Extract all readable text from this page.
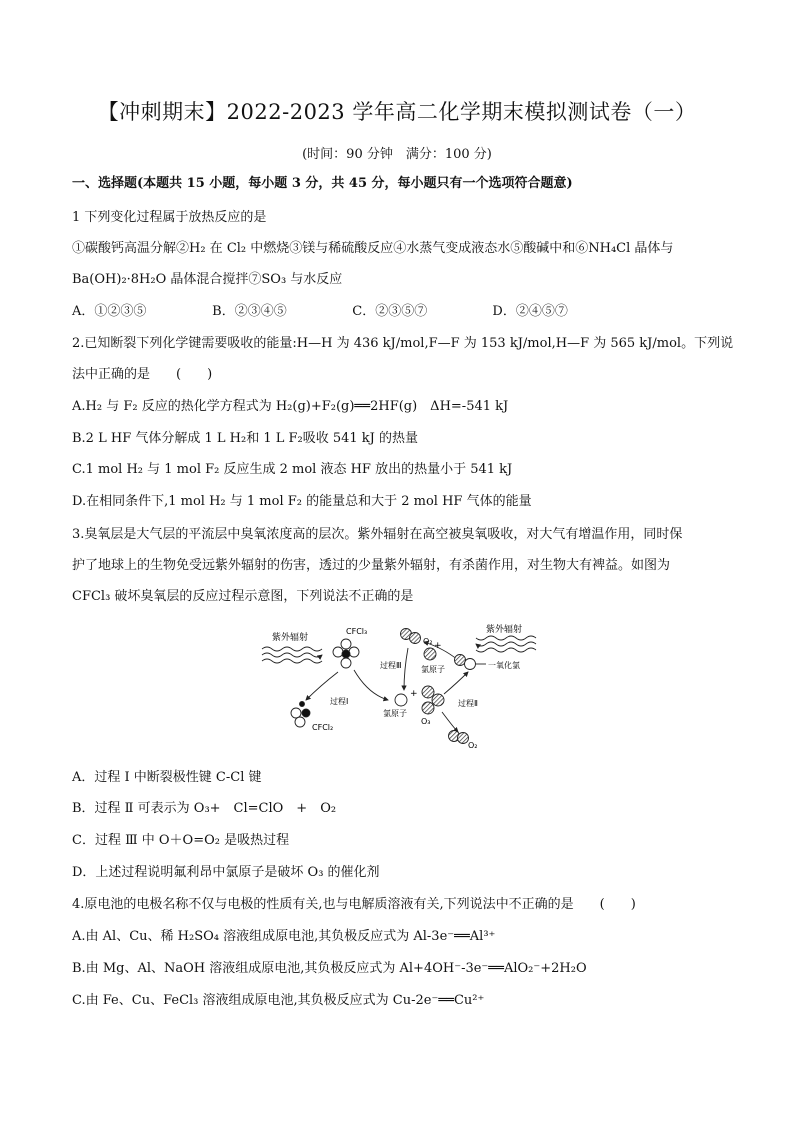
【冲刺期末】2022-2023 学年高二化学期末模拟测试卷（一）
(时间：90 分钟　满分：100 分)
一、选择题(本题共 15 小题，每小题 3 分，共 45 分，每小题只有一个选项符合题意)
1 下列变化过程属于放热反应的是
①碳酸钙高温分解②H₂ 在 Cl₂ 中燃烧③镁与稀硫酸反应④水蒸气变成液态水⑤酸碱中和⑥NH₄Cl 晶体与
Ba(OH)₂·8H₂O 晶体混合搅拌⑦SO₃ 与水反应
A．①②③⑤	B．②③④⑤	C．②③⑤⑦	D．②④⑤⑦
2.已知断裂下列化学键需要吸收的能量:H—H 为 436 kJ/mol,F—F 为 153 kJ/mol,H—F 为 565 kJ/mol。下列说
法中正确的是　　(　　)
A.H₂ 与 F₂ 反应的热化学方程式为 H₂(g)+F₂(g)══2HF(g)　ΔH=-541 kJ
B.2 L HF 气体分解成 1 L H₂和 1 L F₂吸收 541 kJ 的热量
C.1 mol H₂ 与 1 mol F₂ 反应生成 2 mol 液态 HF 放出的热量小于 541 kJ
D.在相同条件下,1 mol H₂ 与 1 mol F₂ 的能量总和大于 2 mol HF 气体的能量
3.臭氧层是大气层的平流层中臭氧浓度高的层次。紫外辐射在高空被臭氧吸收，对大气有增温作用，同时保
护了地球上的生物免受远紫外辐射的伤害，透过的少量紫外辐射，有杀菌作用，对生物大有裨益。如图为
CFCl₃ 破坏臭氧层的反应过程示意图，下列说法不正确的是
紫外辐射
CFCl₃
过程Ⅰ
CFCl₂
氯原子
+
O₃
过程Ⅱ
O₂
O₂
过程Ⅲ
+
氯原子	一氧化氯
紫外辐射
A．过程 Ⅰ 中断裂极性键 C-Cl 键
B．过程 Ⅱ 可表示为 O₃+　Cl=ClO　+　O₂
C．过程 Ⅲ 中 O＋O=O₂ 是吸热过程
D．上述过程说明氟利昂中氯原子是破坏 O₃ 的催化剂
4.原电池的电极名称不仅与电极的性质有关,也与电解质溶液有关,下列说法中不正确的是　　(　　)
A.由 Al、Cu、稀 H₂SO₄ 溶液组成原电池,其负极反应式为 Al-3e⁻══Al³⁺
B.由 Mg、Al、NaOH 溶液组成原电池,其负极反应式为 Al+4OH⁻-3e⁻══AlO₂⁻+2H₂O
C.由 Fe、Cu、FeCl₃ 溶液组成原电池,其负极反应式为 Cu-2e⁻══Cu²⁺
